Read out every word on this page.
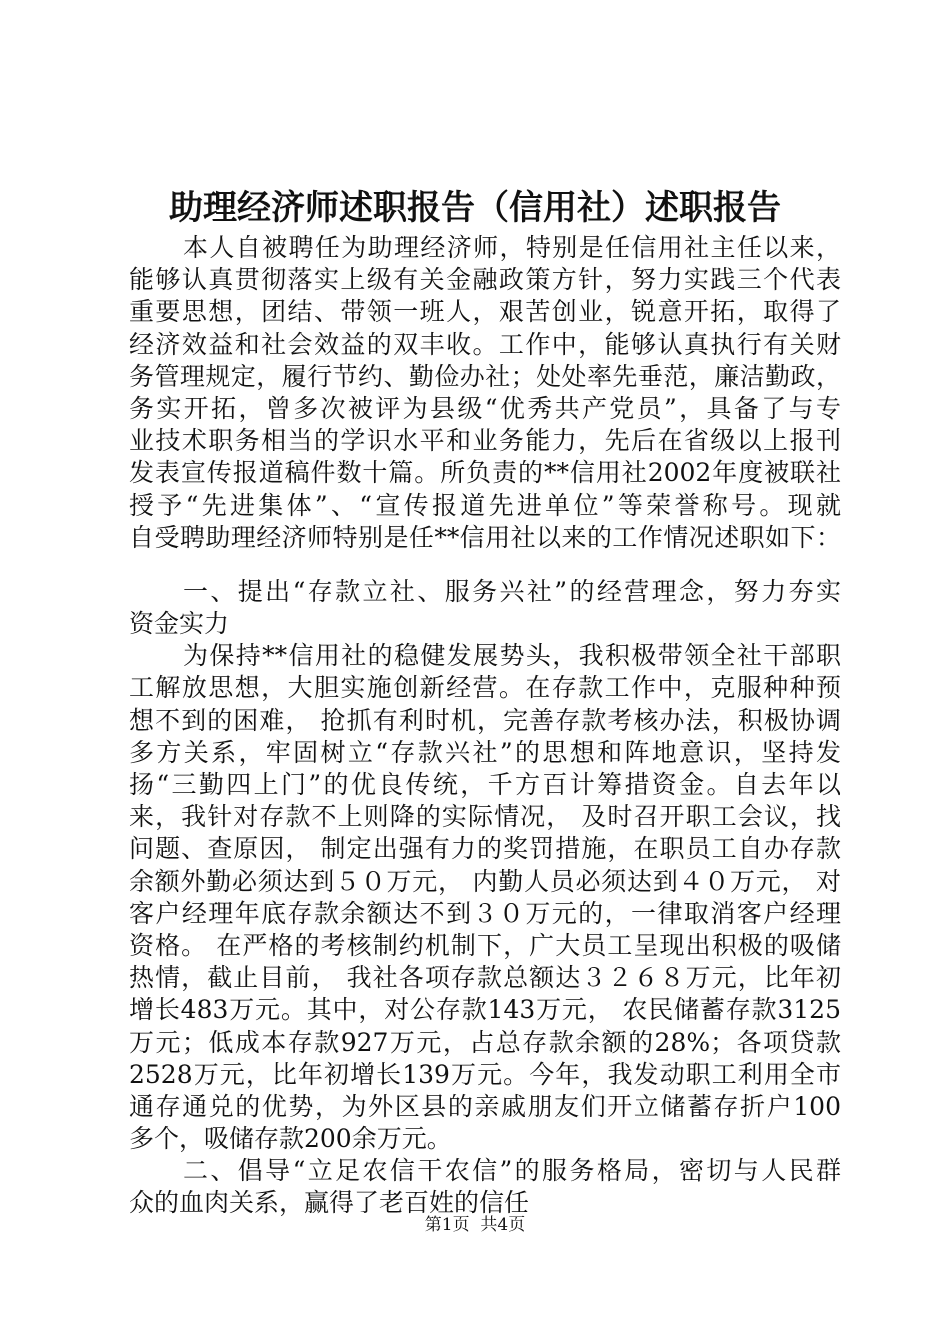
助理经济师述职报告（信用社）述职报告
本人自被聘任为助理经济师，特别是任信用社主任以来，
能够认真贯彻落实上级有关金融政策方针，努力实践三个代表
重要思想，团结、带领一班人，艰苦创业，锐意开拓，取得了
经济效益和社会效益的双丰收。工作中，能够认真执行有关财
务管理规定，履行节约、勤俭办社；处处率先垂范，廉洁勤政，
务实开拓，曾多次被评为县级“优秀共产党员”，具备了与专
业技术职务相当的学识水平和业务能力，先后在省级以上报刊
发表宣传报道稿件数十篇。所负责的**信用社2002年度被联社
授予“先进集体”、“宣传报道先进单位”等荣誉称号。现就
自受聘助理经济师特别是任**信用社以来的工作情况述职如下：
一、提出“存款立社、服务兴社”的经营理念，努力夯实
资金实力
为保持**信用社的稳健发展势头，我积极带领全社干部职
工解放思想，大胆实施创新经营。在存款工作中，克服种种预
想不到的困难， 抢抓有利时机，完善存款考核办法，积极协调
多方关系，牢固树立“存款兴社”的思想和阵地意识，坚持发
扬“三勤四上门”的优良传统，千方百计筹措资金。自去年以
来，我针对存款不上则降的实际情况， 及时召开职工会议，找
问题、查原因， 制定出强有力的奖罚措施，在职员工自办存款
余额外勤必须达到５０万元， 内勤人员必须达到４０万元， 对
客户经理年底存款余额达不到３０万元的，一律取消客户经理
资格。 在严格的考核制约机制下，广大员工呈现出积极的吸储
热情，截止目前， 我社各项存款总额达３２６８万元，比年初
增长483万元。其中，对公存款143万元， 农民储蓄存款3125
万元；低成本存款927万元，占总存款余额的28%；各项贷款
2528万元，比年初增长139万元。今年，我发动职工利用全市
通存通兑的优势，为外区县的亲戚朋友们开立储蓄存折户100
多个，吸储存款200余万元。
二、倡导“立足农信干农信”的服务格局，密切与人民群
众的血肉关系，赢得了老百姓的信任
第1页  共4页
